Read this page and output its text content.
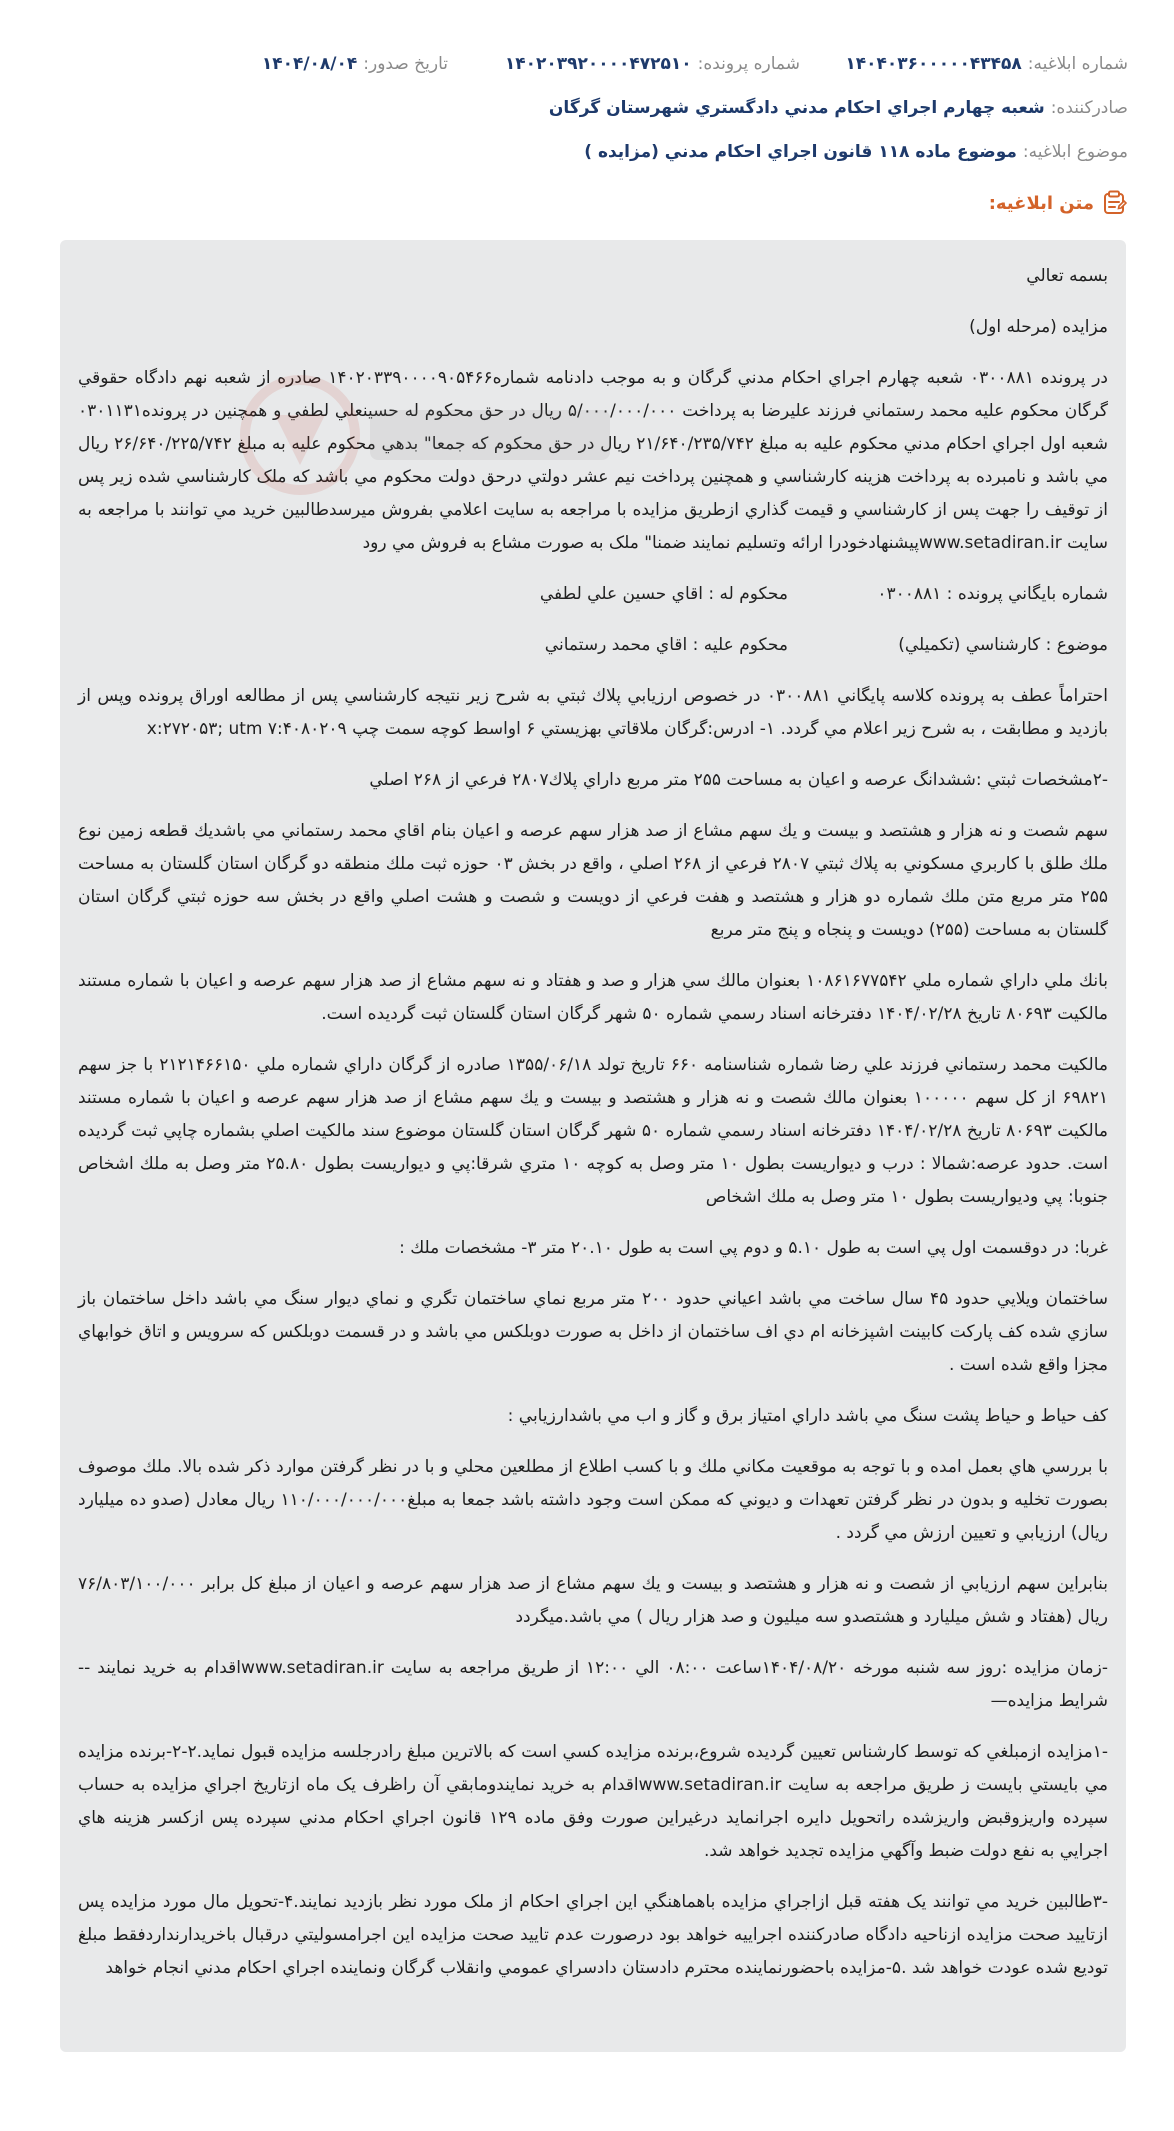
شماره ابلاغيه:
۱۴۰۴۰۳۶۰۰۰۰۰۴۳۴۵۸
شماره پرونده:
۱۴۰۲۰۳۹۲۰۰۰۰۴۷۲۵۱۰
تاريخ صدور:
۱۴۰۴/۰۸/۰۴
صادرکننده:
شعبه چهارم اجراي احکام مدني دادگستري شهرستان گرگان
موضوع ابلاغيه:
موضوع ماده ۱۱۸ قانون اجراي احکام مدني (مزايده )
متن ابلاغيه:

بسمه تعالي

مزايده (مرحله اول)

در پرونده ۰۳۰۰۸۸۱ شعبه چهارم اجراي احکام مدني گرگان و به موجب دادنامه شماره۱۴۰۲۰۳۳۹۰۰۰۰۹۰۵۴۶۶ صادره از شعبه نهم دادگاه حقوقي گرگان محکوم عليه محمد رستماني فرزند عليرضا به پرداخت ۵/۰۰۰/۰۰۰/۰۰۰ ريال در حق محکوم له حسينعلي لطفي و همچنين در پرونده۰۳۰۱۱۳۱ شعبه اول اجراي احکام مدني محکوم عليه به مبلغ ۲۱/۶۴۰/۲۳۵/۷۴۲ ريال در حق محکوم که جمعا" بدهي محکوم عليه به مبلغ ۲۶/۶۴۰/۲۲۵/۷۴۲ ريال مي باشد و نامبرده به پرداخت هزينه کارشناسي و همچنين پرداخت نيم عشر دولتي درحق دولت محکوم مي باشد که ملک کارشناسي شده زير پس از توقيف را جهت پس از کارشناسي و قيمت گذاري ازطريق مزايده با مراجعه به سايت اعلامي بفروش ميرسدطالبين خريد مي توانند با مراجعه به سايت www.setadiran.irپيشنهادخودرا ارائه وتسليم نمايند ضمنا" ملک به صورت مشاع به فروش مي رود

شماره بايگاني پرونده : ۰۳۰۰۸۸۱
محکوم له : اقاي حسين علي لطفي
موضوع : کارشناسي (تکميلي)
محکوم عليه : اقاي محمد رستماني

احتراماً عطف به پرونده کلاسه پايگاني ۰۳۰۰۸۸۱ در خصوص ارزيابي پلاك ثبتي به شرح زير نتيجه کارشناسي پس از مطالعه اوراق پرونده وپس از بازديد و مطابقت ، به شرح زير اعلام مي گردد. ۱- ادرس:گرگان ملاقاتي بهزيستي ۶ اواسط کوچه سمت چپ ۷:۴۰۸۰۲۰۹ x:۲۷۲۰۵۳; utm

-۲مشخصات ثبتي :ششدانگ عرصه و اعيان به مساحت ۲۵۵ متر مربع داراي پلاك۲۸۰۷ فرعي از ۲۶۸ اصلي

سهم شصت و نه هزار و هشتصد و بيست و يك سهم مشاع از صد هزار سهم عرصه و اعيان بنام اقاي محمد رستماني مي باشديك قطعه زمين نوع ملك طلق با كاربري مسكوني به پلاك ثبتي ۲۸۰۷ فرعي از ۲۶۸ اصلي ، واقع در بخش ۰۳ حوزه ثبت ملك منطقه دو گرگان استان گلستان به مساحت ۲۵۵ متر مربع متن ملك شماره دو هزار و هشتصد و هفت فرعي از دويست و شصت و هشت اصلي واقع در بخش سه حوزه ثبتي گرگان استان گلستان به مساحت (۲۵۵) دويست و پنجاه و پنج متر مربع

بانك ملي داراي شماره ملي ۱۰۸۶۱۶۷۷۵۴۲ بعنوان مالك سي هزار و صد و هفتاد و نه سهم مشاع از صد هزار سهم عرصه و اعيان با شماره مستند مالكيت ۸۰۶۹۳ تاريخ ۱۴۰۴/۰۲/۲۸ دفترخانه اسناد رسمي شماره ۵۰ شهر گرگان استان گلستان ثبت گرديده است.

مالكيت محمد رستماني فرزند علي رضا شماره شناسنامه ۶۶۰ تاريخ تولد ۱۳۵۵/۰۶/۱۸ صادره از گرگان داراي شماره ملي ۲۱۲۱۴۶۶۱۵۰ با جز سهم ۶۹۸۲۱ از كل سهم ۱۰۰۰۰۰ بعنوان مالك شصت و نه هزار و هشتصد و بيست و يك سهم مشاع از صد هزار سهم عرصه و اعيان با شماره مستند مالكيت ۸۰۶۹۳ تاريخ ۱۴۰۴/۰۲/۲۸ دفترخانه اسناد رسمي شماره ۵۰ شهر گرگان استان گلستان موضوع سند مالكيت اصلي بشماره چاپي ثبت گرديده است. حدود عرصه:شمالا : درب و ديواريست بطول ۱۰ متر وصل به كوچه ۱۰ متري شرقا:پي و ديواريست بطول ۲۵.۸۰ متر وصل به ملك اشخاص جنوبا: پي وديواريست بطول ۱۰ متر وصل به ملك اشخاص

غربا: در دوقسمت اول پي است به طول ۵.۱۰ و دوم پي است به طول ۲۰.۱۰ متر ۳- مشخصات ملك :

ساختمان ويلايي حدود ۴۵ سال ساخت مي باشد اعياني حدود ۲۰۰ متر مربع نماي ساختمان تگري و نماي ديوار سنگ مي باشد داخل ساختمان باز سازي شده كف پاركت كابينت اشپزخانه ام دي اف ساختمان از داخل به صورت دوبلكس مي باشد و در قسمت دوبلكس كه سرويس و اتاق خوابهاي مجزا واقع شده است .

كف حياط و حياط پشت سنگ مي باشد داراي امتياز برق و گاز و اب مي باشدارزيابي :

با بررسي هاي بعمل امده و با توجه به موقعيت مكاني ملك و با كسب اطلاع از مطلعين محلي و با در نظر گرفتن موارد ذكر شده بالا. ملك موصوف بصورت تخليه و بدون در نظر گرفتن تعهدات و ديوني كه ممكن است وجود داشته باشد جمعا به مبلغ۱۱۰/۰۰۰/۰۰۰/۰۰۰ ريال معادل (صدو ده ميليارد ريال) ارزيابي و تعيين ارزش مي گردد .

بنابراين سهم ارزيابي از شصت و نه هزار و هشتصد و بيست و يك سهم مشاع از صد هزار سهم عرصه و اعيان از مبلغ كل برابر ۷۶/۸۰۳/۱۰۰/۰۰۰ ريال (هفتاد و شش ميليارد و هشتصدو سه ميليون و صد هزار ريال ) مي باشد.ميگردد

-زمان مزايده :روز سه شنبه مورخه ۱۴۰۴/۰۸/۲۰ساعت ۰۸:۰۰ الي ۱۲:۰۰ از طريق مراجعه به سايت www.setadiran.irاقدام به خريد نمايند --شرايط مزايده—

-۱مزايده ازمبلغي که توسط کارشناس تعيين گرديده شروع،برنده مزايده کسي است که بالاترين مبلغ رادرجلسه مزايده قبول نمايد.۲-۲-برنده مزايده مي بايستي بايست ز طريق مراجعه به سايت www.setadiran.irاقدام به خريد نمايندومابقي آن راظرف يک ماه ازتاريخ اجراي مزايده به حساب سپرده واريزوقبض واريزشده راتحويل دايره اجرانمايد درغيراين صورت وفق ماده ۱۲۹ قانون اجراي احکام مدني سپرده پس ازکسر هزينه هاي اجرايي به نفع دولت ضبط وآگهي مزايده تجديد خواهد شد.

-۳طالبين خريد مي توانند يک هفته قبل ازاجراي مزايده باهماهنگي اين اجراي احکام از ملک مورد نظر بازديد نمايند.۴-تحويل مال مورد مزايده پس ازتاييد صحت مزايده ازناحيه دادگاه صادرکننده اجراييه خواهد بود درصورت عدم تاييد صحت مزايده اين اجرامسوليتي درقبال باخريدارنداردفقط مبلغ توديع شده عودت خواهد شد .۵-مزايده باحضورنماينده محترم دادستان دادسراي عمومي وانقلاب گرگان ونماينده اجراي احکام مدني انجام خواهد
